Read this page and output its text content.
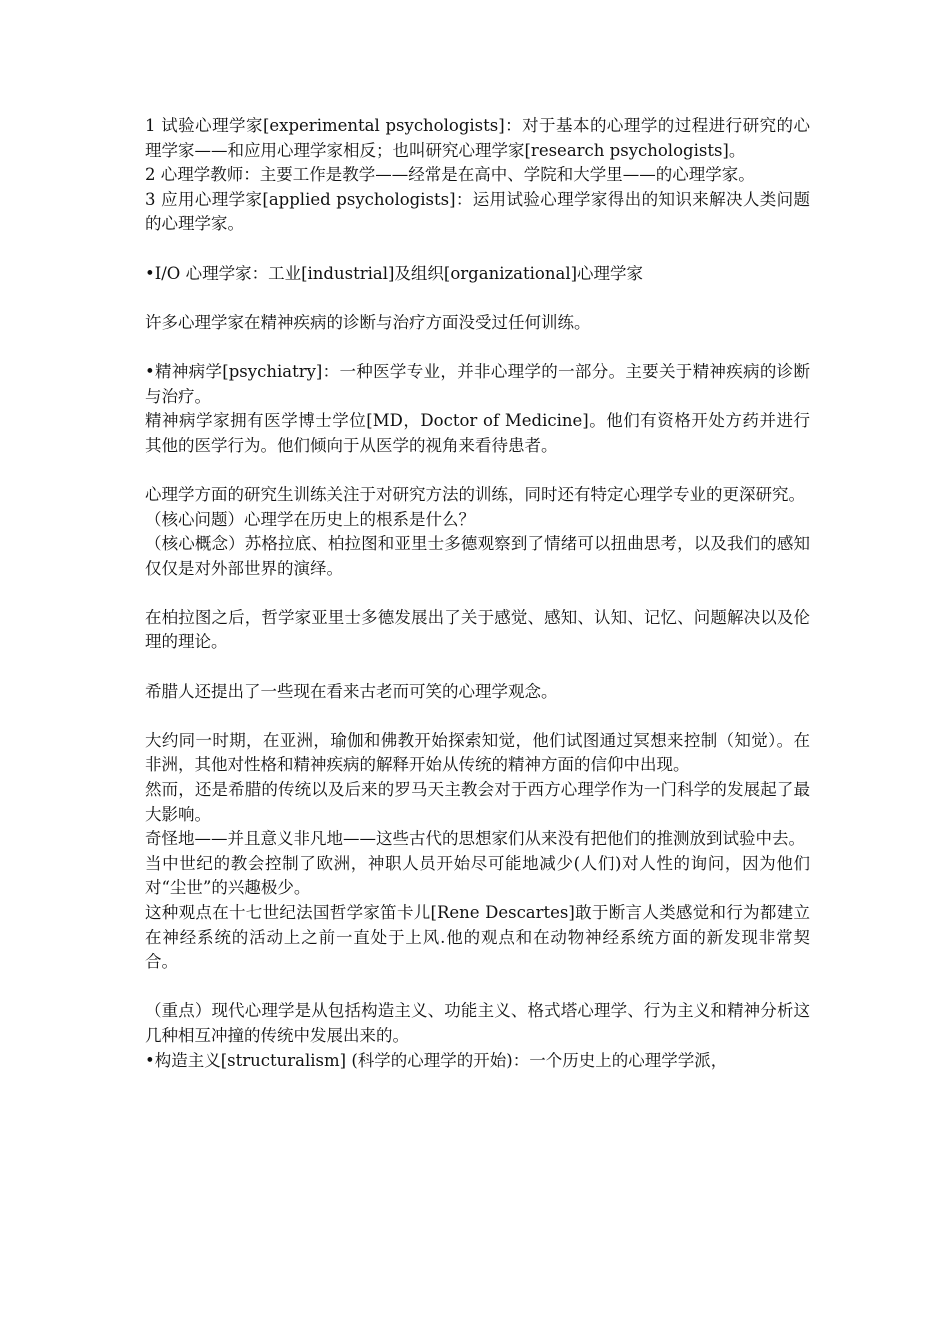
1 试验心理学家[experimental psychologists]：对于基本的心理学的过程进行研究的心理学家——和应用心理学家相反；也叫研究心理学家[research psychologists]。

2 心理学教师：主要工作是教学——经常是在高中、学院和大学里——的心理学家。

3 应用心理学家[applied psychologists]：运用试验心理学家得出的知识来解决人类问题的心理学家。

•I/O 心理学家：工业[industrial]及组织[organizational]心理学家

许多心理学家在精神疾病的诊断与治疗方面没受过任何训练。

•精神病学[psychiatry]：一种医学专业，并非心理学的一部分。主要关于精神疾病的诊断与治疗。

精神病学家拥有医学博士学位[MD，Doctor of Medicine]。他们有资格开处方药并进行其他的医学行为。他们倾向于从医学的视角来看待患者。

心理学方面的研究生训练关注于对研究方法的训练，同时还有特定心理学专业的更深研究。

（核心问题）心理学在历史上的根系是什么？

（核心概念）苏格拉底、柏拉图和亚里士多德观察到了情绪可以扭曲思考，以及我们的感知仅仅是对外部世界的演绎。

在柏拉图之后，哲学家亚里士多德发展出了关于感觉、感知、认知、记忆、问题解决以及伦理的理论。

希腊人还提出了一些现在看来古老而可笑的心理学观念。

大约同一时期，在亚洲，瑜伽和佛教开始探索知觉，他们试图通过冥想来控制（知觉）。在非洲，其他对性格和精神疾病的解释开始从传统的精神方面的信仰中出现。

然而，还是希腊的传统以及后来的罗马天主教会对于西方心理学作为一门科学的发展起了最大影响。

奇怪地——并且意义非凡地——这些古代的思想家们从来没有把他们的推测放到试验中去。

当中世纪的教会控制了欧洲，神职人员开始尽可能地减少(人们)对人性的询问，因为他们对“尘世”的兴趣极少。

这种观点在十七世纪法国哲学家笛卡儿[Rene Descartes]敢于断言人类感觉和行为都建立在神经系统的活动上之前一直处于上风.他的观点和在动物神经系统方面的新发现非常契合。

（重点）现代心理学是从包括构造主义、功能主义、格式塔心理学、行为主义和精神分析这几种相互冲撞的传统中发展出来的。

•构造主义[structuralism] (科学的心理学的开始)：一个历史上的心理学学派，
